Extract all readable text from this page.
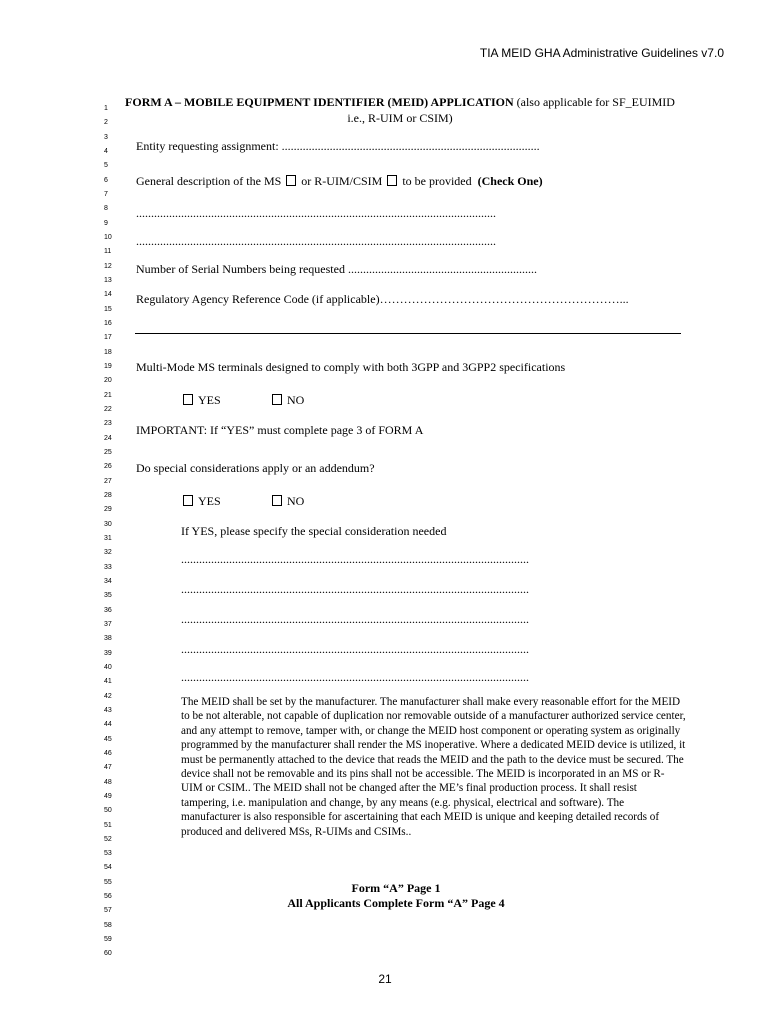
TIA MEID GHA Administrative Guidelines v7.0
FORM A – MOBILE EQUIPMENT IDENTIFIER (MEID) APPLICATION (also applicable for SF_EUIMID i.e., R-UIM or CSIM)
1
2
3
4
5
6
7
8
9
10
11
12
13
14
15
16
17
18
19
20
21
22
23
24
25
26
27
28
29
30
31
32
33
34
35
36
37
38
39
40
41
42
43
44
45
46
47
48
49
50
51
52
53
54
55
56
57
58
59
60
Entity requesting assignment: ......................................................................................
General description of the MS or R-UIM/CSIM to be provided (Check One)
........................................................................................................................
........................................................................................................................
Number of Serial Numbers being requested ...............................................................
Regulatory Agency Reference Code (if applicable)……………………………………………………...
Multi-Mode MS terminals designed to comply with both 3GPP and 3GPP2 specifications
YES	NO
IMPORTANT: If “YES” must complete page 3 of FORM A
Do special considerations apply or an addendum?
YES	NO
If YES, please specify the special consideration needed
....................................................................................................................
....................................................................................................................
....................................................................................................................
....................................................................................................................
....................................................................................................................
The MEID shall be set by the manufacturer. The manufacturer shall make every reasonable effort for the MEID to be not alterable, not capable of duplication nor removable outside of a manufacturer authorized service center, and any attempt to remove, tamper with, or change the MEID host component or operating system as originally programmed by the manufacturer shall render the MS inoperative. Where a dedicated MEID device is utilized, it must be permanently attached to the device that reads the MEID and the path to the device must be secured. The device shall not be removable and its pins shall not be accessible. The MEID is incorporated in an MS or R-UIM or CSIM.. The MEID shall not be changed after the ME’s final production process. It shall resist tampering, i.e. manipulation and change, by any means (e.g. physical, electrical and software). The manufacturer is also responsible for ascertaining that each MEID is unique and keeping detailed records of produced and delivered MSs, R-UIMs and CSIMs..
Form “A” Page 1
All Applicants Complete Form “A” Page 4
21
